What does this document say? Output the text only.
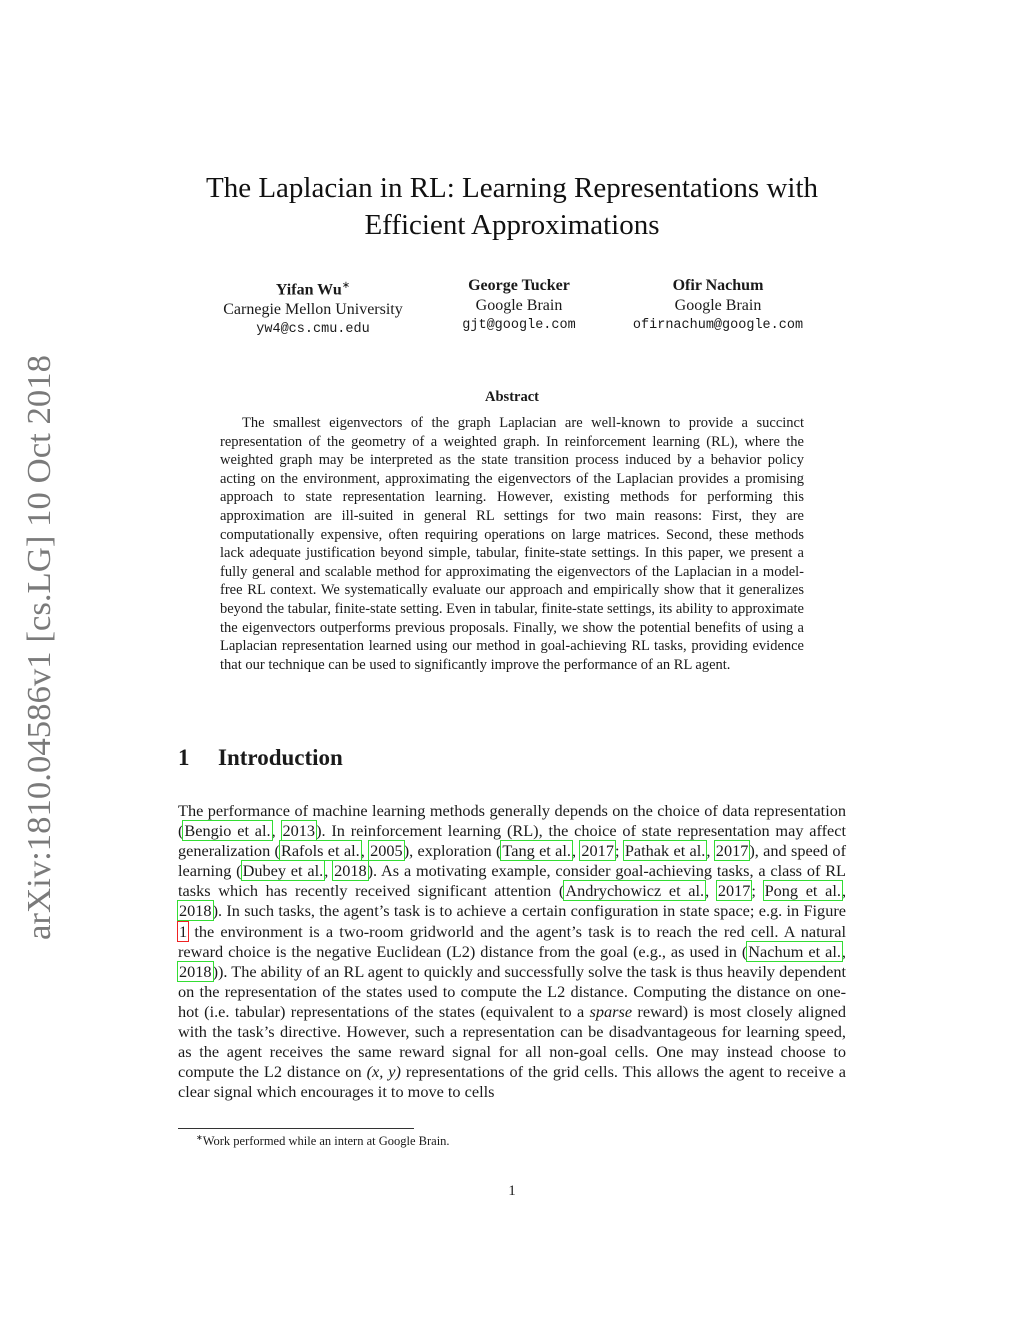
arXiv:1810.04586v1 [cs.LG] 10 Oct 2018
The Laplacian in RL: Learning Representations with
Efficient Approximations
Yifan Wu∗
Carnegie Mellon University
yw4@cs.cmu.edu
George Tucker
Google Brain
gjt@google.com
Ofir Nachum
Google Brain
ofirnachum@google.com
Abstract
The smallest eigenvectors of the graph Laplacian are well-known to provide a succinct representation of the geometry of a weighted graph. In reinforcement learning (RL), where the weighted graph may be interpreted as the state transition process induced by a behavior policy acting on the environment, approximating the eigenvectors of the Laplacian provides a promising approach to state representation learning. However, existing methods for performing this approximation are ill-suited in general RL settings for two main reasons: First, they are computationally expensive, often requiring operations on large matrices. Second, these methods lack adequate justification beyond simple, tabular, finite-state settings. In this paper, we present a fully general and scalable method for approximating the eigenvectors of the Laplacian in a model-free RL context. We systematically evaluate our approach and empirically show that it generalizes beyond the tabular, finite-state setting. Even in tabular, finite-state settings, its ability to approximate the eigenvectors outperforms previous proposals. Finally, we show the potential benefits of using a Laplacian representation learned using our method in goal-achieving RL tasks, providing evidence that our technique can be used to significantly improve the performance of an RL agent.
1 Introduction
The performance of machine learning methods generally depends on the choice of data representation (Bengio et al., 2013). In reinforcement learning (RL), the choice of state representation may affect generalization (Rafols et al., 2005), exploration (Tang et al., 2017; Pathak et al., 2017), and speed of learning (Dubey et al., 2018). As a motivating example, consider goal-achieving tasks, a class of RL tasks which has recently received significant attention (Andrychowicz et al., 2017; Pong et al., 2018). In such tasks, the agent’s task is to achieve a certain configuration in state space; e.g. in Figure 1 the environment is a two-room gridworld and the agent’s task is to reach the red cell. A natural reward choice is the negative Euclidean (L2) distance from the goal (e.g., as used in (Nachum et al., 2018)). The ability of an RL agent to quickly and successfully solve the task is thus heavily dependent on the representation of the states used to compute the L2 distance. Computing the distance on one-hot (i.e. tabular) representations of the states (equivalent to a sparse reward) is most closely aligned with the task’s directive. However, such a representation can be disadvantageous for learning speed, as the agent receives the same reward signal for all non-goal cells. One may instead choose to compute the L2 distance on (x, y) representations of the grid cells. This allows the agent to receive a clear signal which encourages it to move to cells
∗Work performed while an intern at Google Brain.
1
